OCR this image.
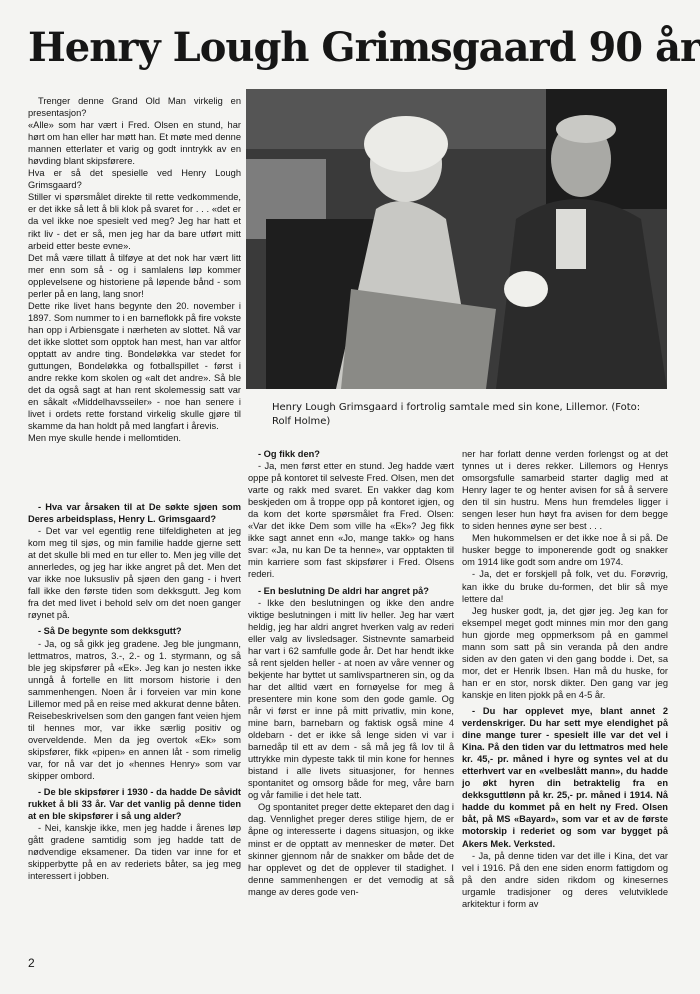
Henry Lough Grimsgaard 90 år
Henry Lough Grimsgaard i fortrolig samtale med sin kone, Lillemor. (Foto: Rolf Holme)

Trenger denne Grand Old Man virkelig en presentasjon?

«Alle» som har vært i Fred. Olsen en stund, har hørt om han eller har møtt han. Et møte med denne mannen etterlater et varig og godt inntrykk av en høvding blant skipsførere.

Hva er så det spesielle ved Henry Lough Grimsgaard?

Stiller vi spørsmålet direkte til rette vedkommende, er det ikke så lett å bli klok på svaret for . . . «det er da vel ikke noe spesielt ved meg? Jeg har hatt et rikt liv - det er så, men jeg har da bare utført mitt arbeid etter beste evne».

Det må være tillatt å tilføye at det nok har vært litt mer enn som så - og i samlalens løp kommer opplevelsene og historiene på løpende bånd - som perler på en lang, lang snor!

Dette rike livet hans begynte den 20. november i 1897. Som nummer to i en barneflokk på fire vokste han opp i Arbiensgate i nærheten av slottet. Nå var det ikke slottet som opptok han mest, han var altfor opptatt av andre ting. Bondeløkka var stedet for guttungen, Bondeløkka og fotballspillet - først i andre rekke kom skolen og «alt det andre». Så ble det da også sagt at han rent skolemessig satt var en såkalt «Middelhavsseiler» - noe han senere i livet i ordets rette forstand virkelig skulle gjøre til skamme da han holdt på med langfart i årevis.

Men mye skulle hende i mellomtiden.

- Hva var årsaken til at De søkte sjøen som Deres arbeidsplass, Henry L. Grimsgaard?

- Det var vel egentlig rene tilfeldigheten at jeg kom meg til sjøs, og min familie hadde gjerne sett at det skulle bli med en tur eller to. Men jeg ville det annerledes, og jeg har ikke angret på det. Men det var ikke noe luksusliv på sjøen den gang - i hvert fall ikke den første tiden som dekksgutt. Jeg kom fra det med livet i behold selv om det noen ganger røynet på.

- Så De begynte som dekksgutt?

- Ja, og så gikk jeg gradene. Jeg ble jungmann, lettmatros, matros, 3.-, 2.- og 1. styrmann, og så ble jeg skipsfører på «Ek». Jeg kan jo nesten ikke unngå å fortelle en litt morsom historie i den sammenhengen. Noen år i forveien var min kone Lillemor med på en reise med akkurat denne båten. Reisebeskrivelsen som den gangen fant veien hjem til hennes mor, var ikke særlig positiv og overveldende. Men da jeg overtok «Ek» som skipsfører, fikk «pipen» en annen låt - som rimelig var, for nå var det jo «hennes Henry» som var skipper ombord.

- De ble skipsfører i 1930 - da hadde De såvidt rukket å bli 33 år. Var det vanlig på denne tiden at en ble skipsfører i så ung alder?

- Nei, kanskje ikke, men jeg hadde i årenes løp gått gradene samtidig som jeg hadde tatt de nødvendige eksamener. Da tiden var inne for et skipperbytte på en av rederiets båter, sa jeg meg interessert i jobben.

- Og fikk den?

- Ja, men først etter en stund. Jeg hadde vært oppe på kontoret til selveste Fred. Olsen, men det varte og rakk med svaret. En vakker dag kom beskjeden om å troppe opp på kontoret igjen, og da kom det korte spørsmålet fra Fred. Olsen: «Var det ikke Dem som ville ha «Ek»? Jeg fikk ikke sagt annet enn «Jo, mange takk» og hans svar: «Ja, nu kan De ta henne», var opptakten til min karriere som fast skipsfører i Fred. Olsens rederi.

- En beslutning De aldri har angret på?

- Ikke den beslutningen og ikke den andre viktige beslutningen i mitt liv heller. Jeg har vært heldig, jeg har aldri angret hverken valg av rederi eller valg av livsledsager. Sistnevnte samarbeid har vart i 62 samfulle gode år. Det har hendt ikke så rent sjelden heller - at noen av våre venner og bekjente har byttet ut samlivspartneren sin, og da har det alltid vært en fornøyelse for meg å presentere min kone som den gode gamle. Og når vi først er inne på mitt privatliv, min kone, mine barn, barnebarn og faktisk også mine 4 oldebarn - det er ikke så lenge siden vi var i barnedåp til ett av dem - så må jeg få lov til å uttrykke min dypeste takk til min kone for hennes bistand i alle livets situasjoner, for hennes spontanitet og omsorg både for meg, våre barn og vår familie i det hele tatt.

Og spontanitet preger dette ekteparet den dag i dag. Vennlighet preger deres stilige hjem, de er åpne og interesserte i dagens situasjon, og ikke minst er de opptatt av mennesker de møter. Det skinner gjennom når de snakker om både det de har opplevet og det de opplever til stadighet. I denne sammenhengen er det vemodig at så mange av deres gode ven-

ner har forlatt denne verden forlengst og at det tynnes ut i deres rekker. Lillemors og Henrys omsorgsfulle samarbeid starter daglig med at Henry lager te og henter avisen for så å servere den til sin hustru. Mens hun fremdeles ligger i sengen leser hun høyt fra avisen for dem begge to siden hennes øyne ser best . . .

Men hukommelsen er det ikke noe å si på. De husker begge to imponerende godt og snakker om 1914 like godt som andre om 1974.

- Ja, det er forskjell på folk, vet du. Forøvrig, kan ikke du bruke du-formen, det blir så mye lettere da!

Jeg husker godt, ja, det gjør jeg. Jeg kan for eksempel meget godt minnes min mor den gang hun gjorde meg oppmerksom på en gammel mann som satt på sin veranda på den andre siden av den gaten vi den gang bodde i. Det, sa mor, det er Henrik Ibsen. Han må du huske, for han er en stor, norsk dikter. Den gang var jeg kanskje en liten pjokk på en 4-5 år.

- Du har opplevet mye, blant annet 2 verdenskriger. Du har sett mye elendighet på dine mange turer - spesielt ille var det vel i Kina. På den tiden var du lettmatros med hele kr. 45,- pr. måned i hyre og syntes vel at du etterhvert var en «velbeslått mann», du hadde jo økt hyren din betraktelig fra en dekksguttlønn på kr. 25,- pr. måned i 1914. Nå hadde du kommet på en helt ny Fred. Olsen båt, på MS «Bayard», som var et av de første motorskip i rederiet og som var bygget på Akers Mek. Verksted.

- Ja, på denne tiden var det ille i Kina, det var vel i 1916. På den ene siden enorm fattigdom og på den andre siden rikdom og kinesernes urgamle tradisjoner og deres velutviklede arkitektur i form av

2
